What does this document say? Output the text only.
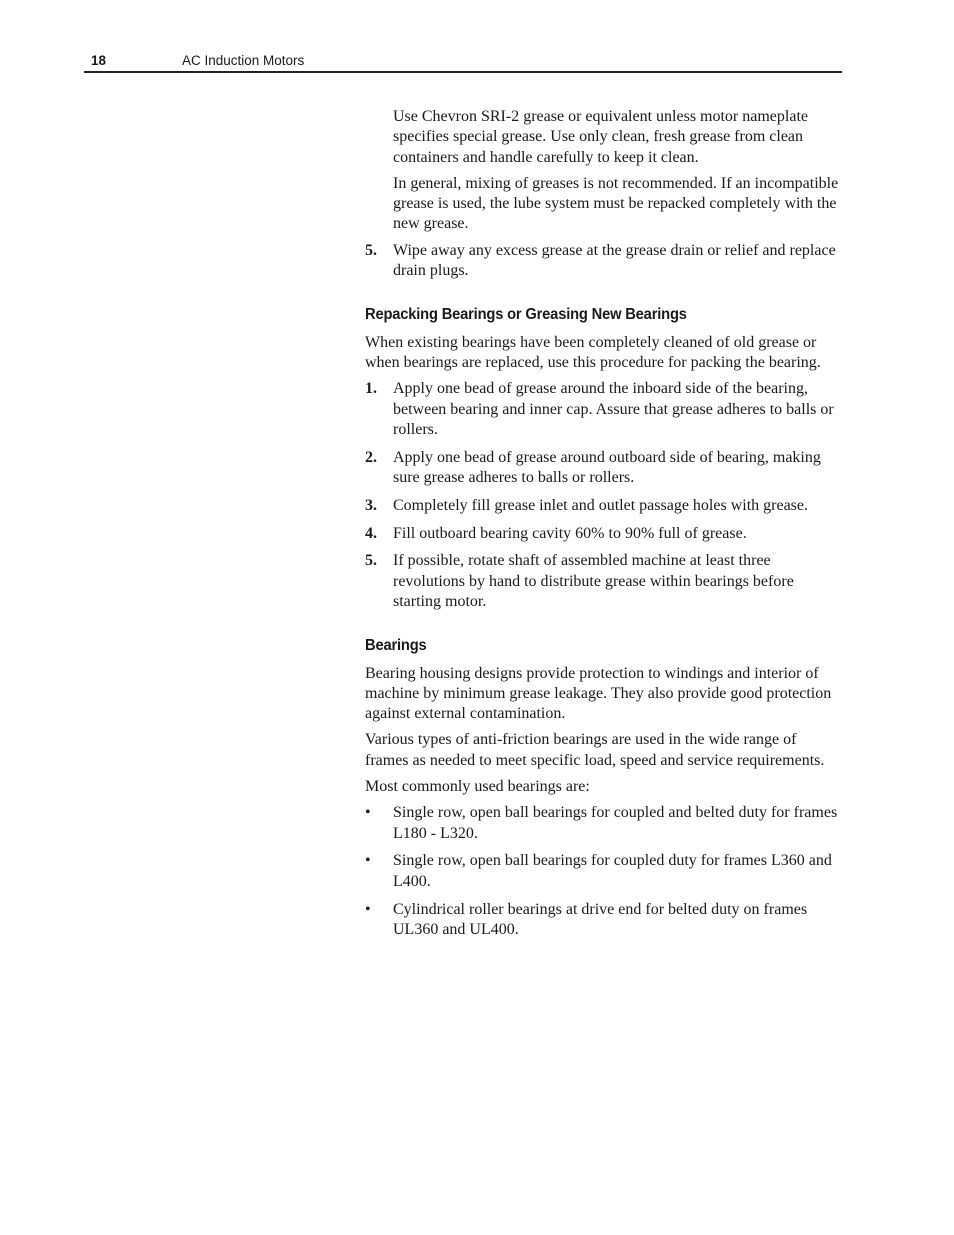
18	AC Induction Motors

Use Chevron SRI-2 grease or equivalent unless motor nameplate specifies special grease. Use only clean, fresh grease from clean containers and handle carefully to keep it clean.

In general, mixing of greases is not recommended. If an incompatible grease is used, the lube system must be repacked completely with the new grease.

5. Wipe away any excess grease at the grease drain or relief and replace drain plugs.
Repacking Bearings or Greasing New Bearings

When existing bearings have been completely cleaned of old grease or when bearings are replaced, use this procedure for packing the bearing.

1. Apply one bead of grease around the inboard side of the bearing, between bearing and inner cap. Assure that grease adheres to balls or rollers.
2. Apply one bead of grease around outboard side of bearing, making sure grease adheres to balls or rollers.
3. Completely fill grease inlet and outlet passage holes with grease.
4. Fill outboard bearing cavity 60% to 90% full of grease.
5. If possible, rotate shaft of assembled machine at least three revolutions by hand to distribute grease within bearings before starting motor.
Bearings

Bearing housing designs provide protection to windings and interior of machine by minimum grease leakage. They also provide good protection against external contamination.

Various types of anti-friction bearings are used in the wide range of frames as needed to meet specific load, speed and service requirements.

Most commonly used bearings are:

• Single row, open ball bearings for coupled and belted duty for frames L180 - L320.
• Single row, open ball bearings for coupled duty for frames L360 and L400.
• Cylindrical roller bearings at drive end for belted duty on frames UL360 and UL400.
